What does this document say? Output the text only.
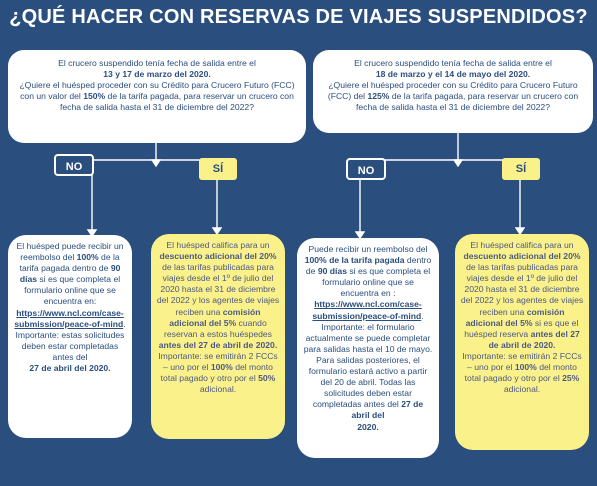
¿QUÉ HACER CON RESERVAS DE VIAJES SUSPENDIDOS?
El crucero suspendido tenía fecha de salida entre el
13 y 17 de marzo del 2020.
¿Quiere el huésped proceder con su Crédito para Crucero Futuro (FCC) con un valor del 150% de la tarifa pagada, para reservar un crucero con fecha de salida hasta el 31 de diciembre del 2022?
El crucero suspendido tenía fecha de salida entre el
18 de marzo y el 14 de mayo del 2020.
¿Quiere el huésped proceder con su Crédito para Crucero Futuro (FCC) del 125% de la tarifa pagada, para reservar un crucero con fecha de salida hasta el 31 de diciembre del 2022?
NO	SÍ	NO	SÍ
El huésped puede recibir un reembolso del 100% de la tarifa pagada dentro de 90 días si es que completa el formulario online que se encuentra en:
https://www.ncl.com/case-submission/peace-of-mind.
Importante: estas solicitudes deben estar completadas antes del
27 de abril del 2020.
El huésped califica para un descuento adicional del 20% de las tarifas publicadas para viajes desde el 1º de julio del 2020 hasta el 31 de diciembre del 2022 y los agentes de viajes reciben una comisión adicional del 5% cuando reservan a estos huéspedes antes del 27 de abril de 2020.
Importante: se emitirán 2 FCCs – uno por el 100% del monto total pagado y otro por el 50% adicional.
Puede recibir un reembolso del 100% de la tarifa pagada dentro de 90 días si es que completa el formulario online que se encuentra en :
https://www.ncl.com/case-submission/peace-of-mind.
Importante: el formulario actualmente se puede completar para salidas hasta el 10 de mayo. Para salidas posteriores, el formulario estará activo a partir del 20 de abril. Todas las solicitudes deben estar completadas antes del 27 de abril del
2020.
El huésped califica para un descuento adicional del 20% de las tarifas publicadas para viajes desde el 1º de julio del 2020 hasta el 31 de diciembre del 2022 y los agentes de viajes reciben una comisión adicional del 5% si es que el huésped reserva antes del 27 de abril de 2020.
Importante: se emitirán 2 FCCs – uno por el 100% del monto total pagado y otro por el 25% adicional.
